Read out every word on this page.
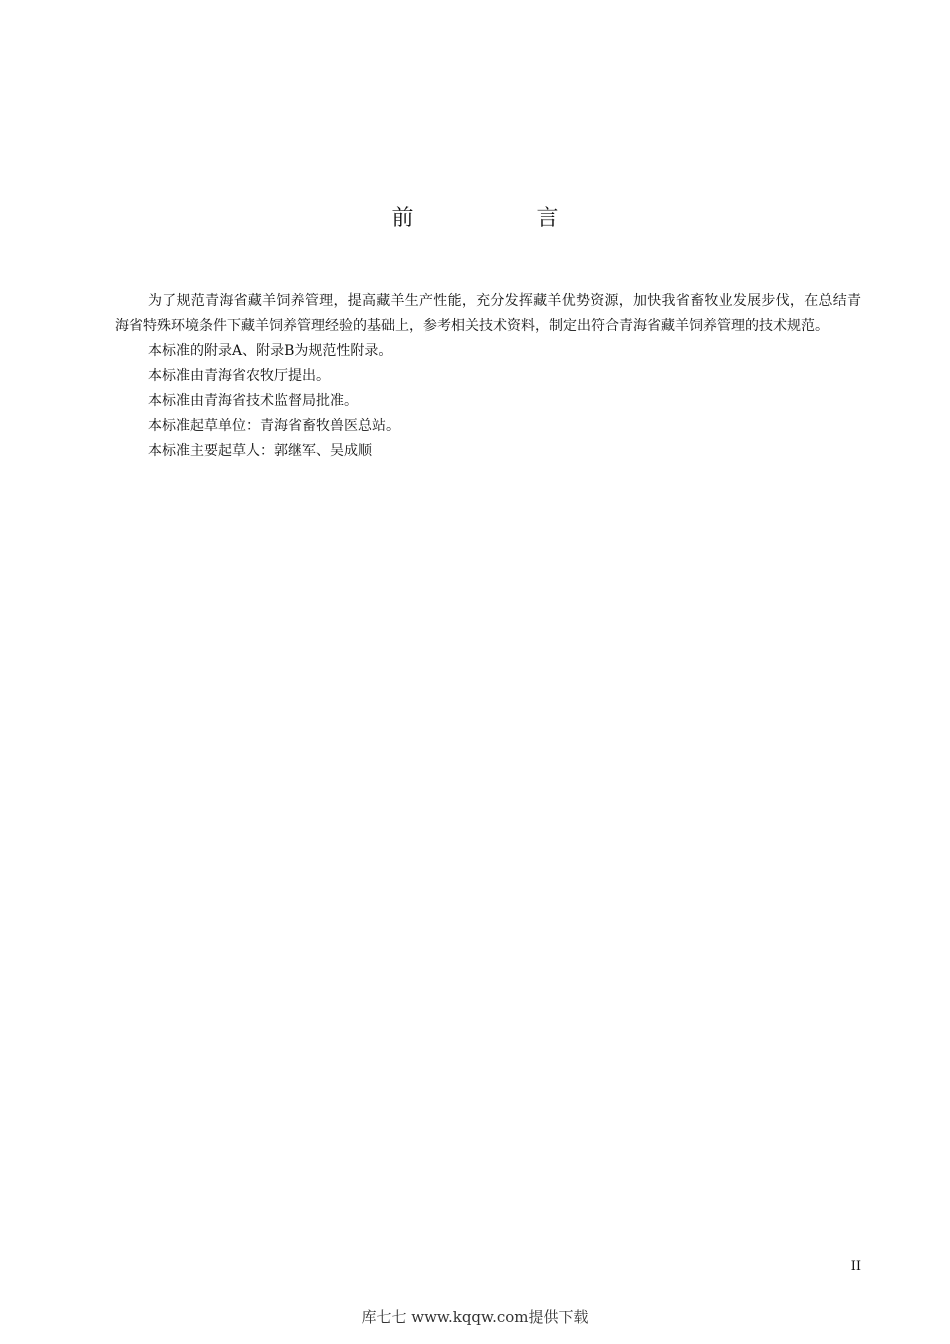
前 言

为了规范青海省藏羊饲养管理，提高藏羊生产性能，充分发挥藏羊优势资源，加快我省畜牧业发展步伐，在总结青海省特殊环境条件下藏羊饲养管理经验的基础上，参考相关技术资料，制定出符合青海省藏羊饲养管理的技术规范。

本标准的附录A、附录B为规范性附录。

本标准由青海省农牧厅提出。

本标准由青海省技术监督局批准。

本标准起草单位：青海省畜牧兽医总站。

本标准主要起草人：郭继军、吴成顺

II
库七七 www.kqqw.com提供下载
